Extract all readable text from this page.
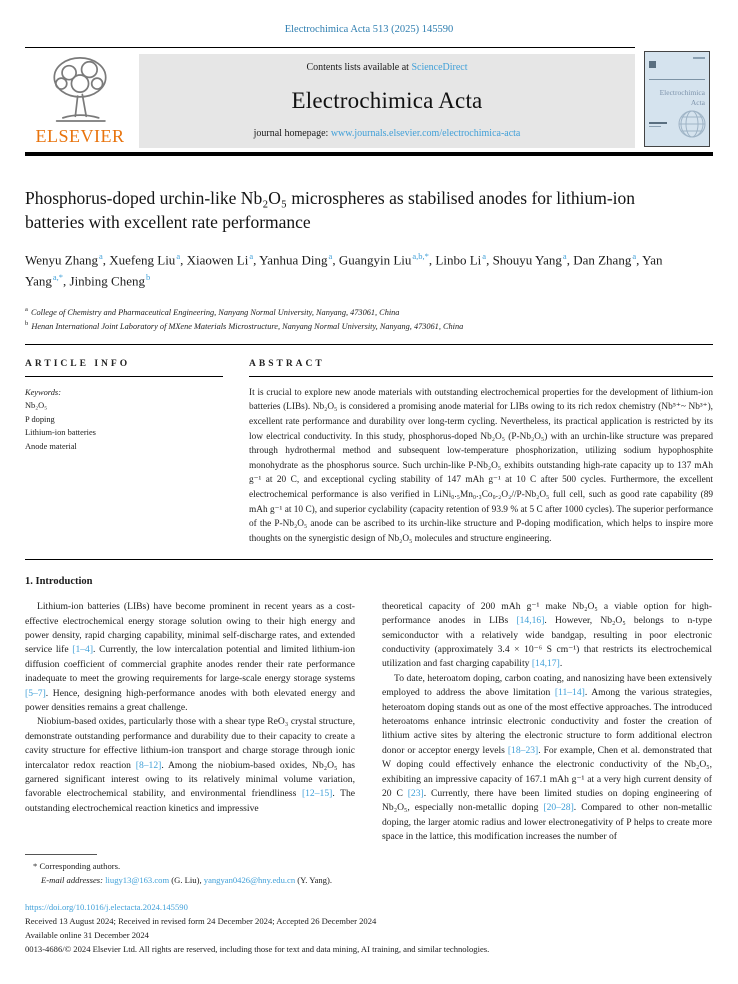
Electrochimica Acta 513 (2025) 145590
ELSEVIER
Contents lists available at ScienceDirect
Electrochimica Acta
journal homepage: www.journals.elsevier.com/electrochimica-acta
Electrochimica
Acta
Phosphorus-doped urchin-like Nb₂O₅ microspheres as stabilised anodes for lithium-ion batteries with excellent rate performance
Wenyu Zhang$^a$, Xuefeng Liu$^a$, Xiaowen Li$^a$, Yanhua Ding$^a$, Guangyin Liu$^{a,b,*}$, Linbo Li$^a$, Shouyu Yang$^a$, Dan Zhang$^a$, Yan Yang$^{a,*}$, Jinbing Cheng$^b$
$^a$ College of Chemistry and Pharmaceutical Engineering, Nanyang Normal University, Nanyang, 473061, China
$^b$ Henan International Joint Laboratory of MXene Materials Microstructure, Nanyang Normal University, Nanyang, 473061, China
ARTICLE INFO
Keywords:
Nb₂O₅
P doping
Lithium-ion batteries
Anode material
ABSTRACT
It is crucial to explore new anode materials with outstanding electrochemical properties for the development of lithium-ion batteries (LIBs). Nb₂O₅ is considered a promising anode material for LIBs owing to its rich redox chemistry (Nb⁵⁺~ Nb³⁺), excellent rate performance and durability over long-term cycling. Nevertheless, its practical application is restricted by its low electrical conductivity. In this study, phosphorus-doped Nb₂O₅ (P-Nb₂O₅) with an urchin-like structure was prepared through hydrothermal method and subsequent low-temperature phosphorization, utilizing sodium hypophosphite monohydrate as the phosphorus source. Such urchin-like P-Nb₂O₅ exhibits outstanding high-rate capacity up to 137 mAh g⁻¹ at 20 C, and exceptional cycling stability of 147 mAh g⁻¹ at 10 C after 500 cycles. Furthermore, the excellent electrochemical performance is also verified in LiNi₀.₅Mn₀.₃Co₀.₂O₂//P-Nb₂O₅ full cell, such as good rate capability (89 mAh g⁻¹ at 10 C), and superior cyclability (capacity retention of 93.9 % at 5 C after 1000 cycles). The superior performance of the P-Nb₂O₅ anode can be ascribed to its urchin-like structure and P-doping modification, which helps to inspire more thoughts on the synergistic design of Nb₂O₅ molecules and structure engineering.
1. Introduction
Lithium-ion batteries (LIBs) have become prominent in recent years as a cost-effective electrochemical energy storage solution owing to their high energy and power density, rapid charging capability, minimal self-discharge rates, and extended service life [1–4]. Currently, the low intercalation potential and limited lithium-ion diffusion coefficient of commercial graphite anodes render their rate performance inadequate to meet the growing requirements for large-scale energy storage systems [5–7]. Hence, designing high-performance anodes with both elevated energy and power densities remains a great challenge.
Niobium-based oxides, particularly those with a shear type ReO₃ crystal structure, demonstrate outstanding performance and durability due to their capacity to create a cavity structure for effective lithium-ion transport and charge storage through ionic intercalator redox reaction [8–12]. Among the niobium-based oxides, Nb₂O₅ has garnered significant interest owing to its relatively minimal volume variation, favorable electrochemical stability, and environmental friendliness [12–15]. The outstanding electrochemical reaction kinetics and impressive
theoretical capacity of 200 mAh g⁻¹ make Nb₂O₅ a viable option for high-performance anodes in LIBs [14,16]. However, Nb₂O₅ belongs to n-type semiconductor with a relatively wide bandgap, resulting in poor electronic conductivity (approximately 3.4 × 10⁻⁶ S cm⁻¹) that restricts its electrochemical utilization and fast charging capability [14,17].
To date, heteroatom doping, carbon coating, and nanosizing have been extensively employed to address the above limitation [11–14]. Among the various strategies, heteroatom doping stands out as one of the most effective approaches. The introduced heteroatoms enhance intrinsic electronic conductivity and foster the creation of lithium active sites by altering the electronic structure to form additional electron donor or acceptor energy levels [18–23]. For example, Chen et al. demonstrated that W doping could effectively enhance the electronic conductivity of the Nb₂O₅, exhibiting an impressive capacity of 167.1 mAh g⁻¹ at a very high current density of 20 C [23]. Currently, there have been limited studies on doping engineering of Nb₂O₅, especially non-metallic doping [20–28]. Compared to other non-metallic doping, the larger atomic radius and lower electronegativity of P helps to create more space in the lattice, this modification increases the number of
* Corresponding authors.
E-mail addresses: liugy13@163.com (G. Liu), yangyan0426@hny.edu.cn (Y. Yang).
https://doi.org/10.1016/j.electacta.2024.145590
Received 13 August 2024; Received in revised form 24 December 2024; Accepted 26 December 2024
Available online 31 December 2024
0013-4686/© 2024 Elsevier Ltd. All rights are reserved, including those for text and data mining, AI training, and similar technologies.
